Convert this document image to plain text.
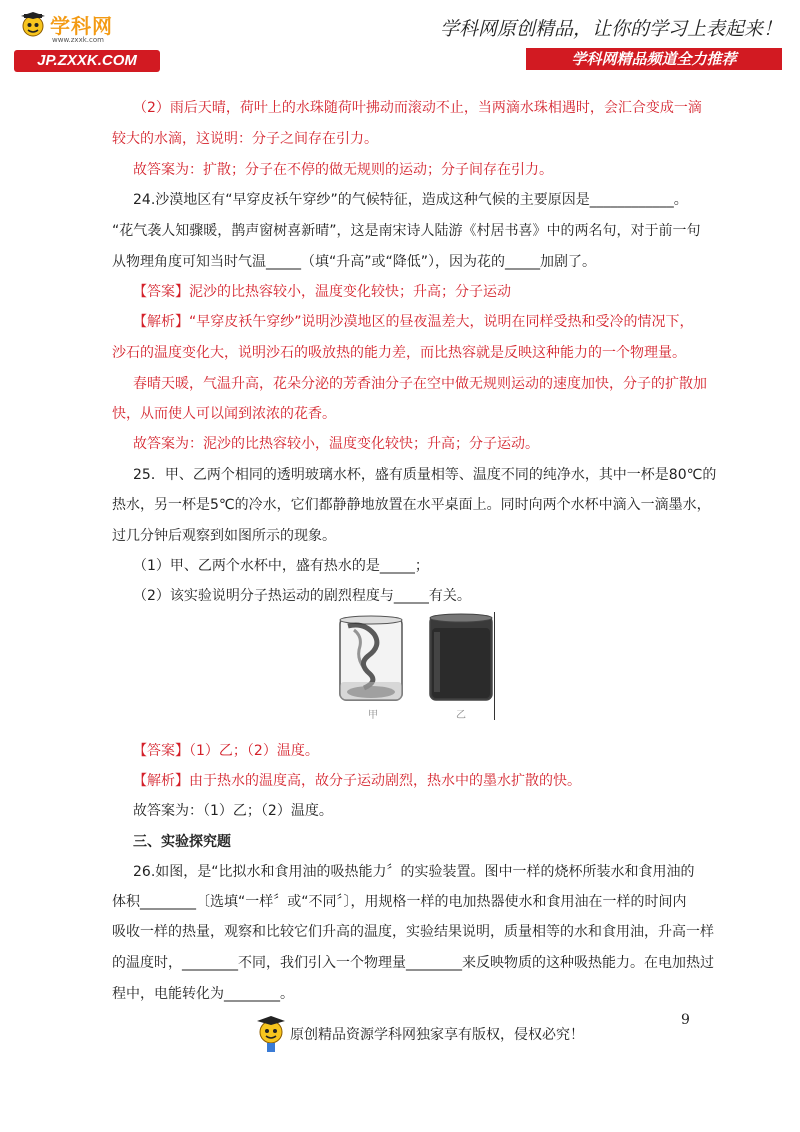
学科网
www.zxxk.com
JP.ZXXK.COM
学科网原创精品，让你的学习上表起来！
学科网精品频道全力推荐
（2）雨后天晴，荷叶上的水珠随荷叶拂动而滚动不止，当两滴水珠相遇时，会汇合变成一滴
较大的水滴，这说明：分子之间存在引力。
故答案为：扩散；分子在不停的做无规则的运动；分子间存在引力。
24.沙漠地区有“早穿皮袄午穿纱”的气候特征，造成这种气候的主要原因是____________。
“花气袭人知骤暖，鹊声窗树喜新晴”，这是南宋诗人陆游《村居书喜》中的两名句，对于前一句
从物理角度可知当时气温_____（填“升高”或“降低”），因为花的_____加剧了。
【答案】泥沙的比热容较小，温度变化较快；升高；分子运动
【解析】“早穿皮袄午穿纱”说明沙漠地区的昼夜温差大，说明在同样受热和受冷的情况下，
沙石的温度变化大，说明沙石的吸放热的能力差，而比热容就是反映这种能力的一个物理量。
春晴天暖，气温升高，花朵分泌的芳香油分子在空中做无规则运动的速度加快，分子的扩散加
快，从而使人可以闻到浓浓的花香。
故答案为：泥沙的比热容较小，温度变化较快；升高；分子运动。
25．甲、乙两个相同的透明玻璃水杯，盛有质量相等、温度不同的纯净水，其中一杯是80℃的
热水，另一杯是5℃的冷水，它们都静静地放置在水平桌面上。同时向两个水杯中滴入一滴墨水，
过几分钟后观察到如图所示的现象。
（1）甲、乙两个水杯中，盛有热水的是_____；
（2）该实验说明分子热运动的剧烈程度与_____有关。
甲	乙
【答案】（1）乙；（2）温度。
【解析】由于热水的温度高，故分子运动剧烈，热水中的墨水扩散的快。
故答案为：（1）乙；（2）温度。
三、实验探究题
26.如图，是“比拟水和食用油的吸热能力〞的实验装置。图中一样的烧杯所装水和食用油的
体积________〔选填“一样〞或“不同〞〕，用规格一样的电加热器使水和食用油在一样的时间内
吸收一样的热量，观察和比较它们升高的温度，实验结果说明，质量相等的水和食用油，升高一样
的温度时，________不同，我们引入一个物理量________来反映物质的这种吸热能力。在电加热过
程中，电能转化为________。
9
原创精品资源学科网独家享有版权，侵权必究！
